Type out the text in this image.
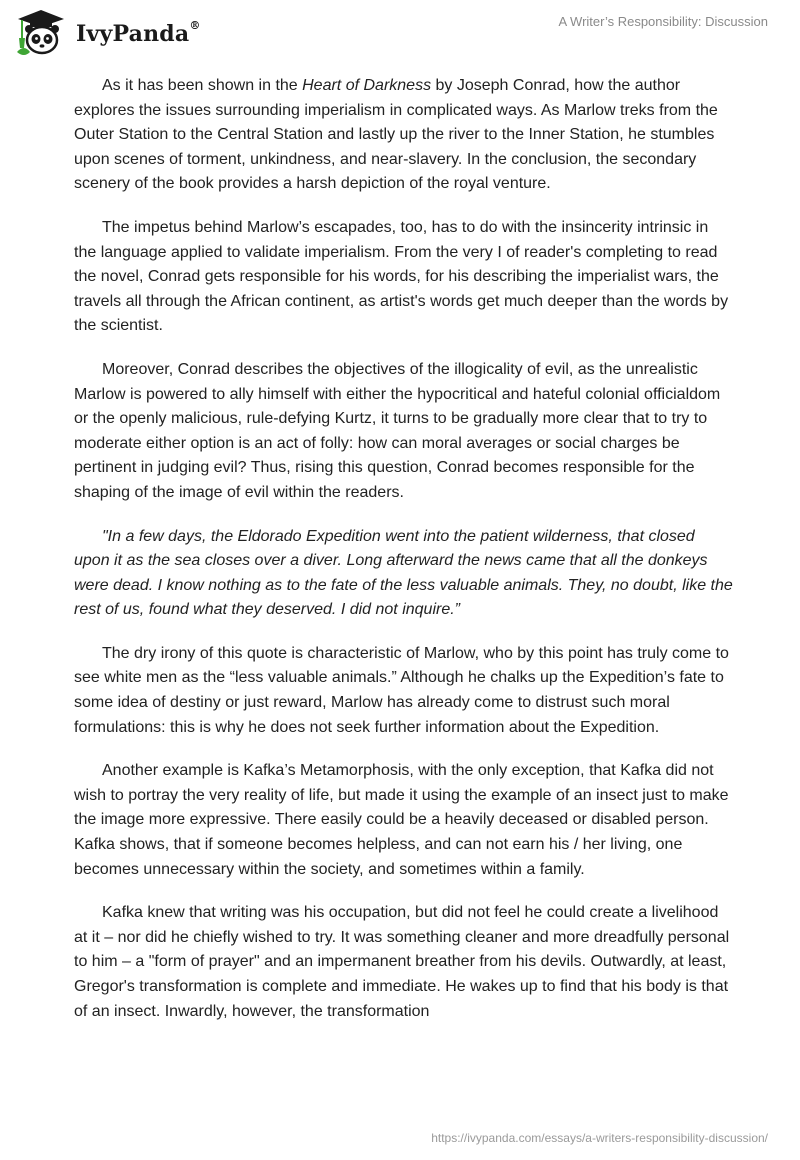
IvyPanda®	A Writer’s Responsibility: Discussion

As it has been shown in the Heart of Darkness by Joseph Conrad, how the author explores the issues surrounding imperialism in complicated ways. As Marlow treks from the Outer Station to the Central Station and lastly up the river to the Inner Station, he stumbles upon scenes of torment, unkindness, and near-slavery. In the conclusion, the secondary scenery of the book provides a harsh depiction of the royal venture.

The impetus behind Marlow’s escapades, too, has to do with the insincerity intrinsic in the language applied to validate imperialism. From the very I of reader's completing to read the novel, Conrad gets responsible for his words, for his describing the imperialist wars, the travels all through the African continent, as artist's words get much deeper than the words by the scientist.

Moreover, Conrad describes the objectives of the illogicality of evil, as the unrealistic Marlow is powered to ally himself with either the hypocritical and hateful colonial officialdom or the openly malicious, rule-defying Kurtz, it turns to be gradually more clear that to try to moderate either option is an act of folly: how can moral averages or social charges be pertinent in judging evil? Thus, rising this question, Conrad becomes responsible for the shaping of the image of evil within the readers.

"In a few days, the Eldorado Expedition went into the patient wilderness, that closed upon it as the sea closes over a diver. Long afterward the news came that all the donkeys were dead. I know nothing as to the fate of the less valuable animals. They, no doubt, like the rest of us, found what they deserved. I did not inquire.”

The dry irony of this quote is characteristic of Marlow, who by this point has truly come to see white men as the “less valuable animals.” Although he chalks up the Expedition’s fate to some idea of destiny or just reward, Marlow has already come to distrust such moral formulations: this is why he does not seek further information about the Expedition.

Another example is Kafka’s Metamorphosis, with the only exception, that Kafka did not wish to portray the very reality of life, but made it using the example of an insect just to make the image more expressive. There easily could be a heavily deceased or disabled person. Kafka shows, that if someone becomes helpless, and can not earn his / her living, one becomes unnecessary within the society, and sometimes within a family.

Kafka knew that writing was his occupation, but did not feel he could create a livelihood at it – nor did he chiefly wished to try. It was something cleaner and more dreadfully personal to him – a "form of prayer" and an impermanent breather from his devils. Outwardly, at least, Gregor's transformation is complete and immediate. He wakes up to find that his body is that of an insect. Inwardly, however, the transformation

https://ivypanda.com/essays/a-writers-responsibility-discussion/
